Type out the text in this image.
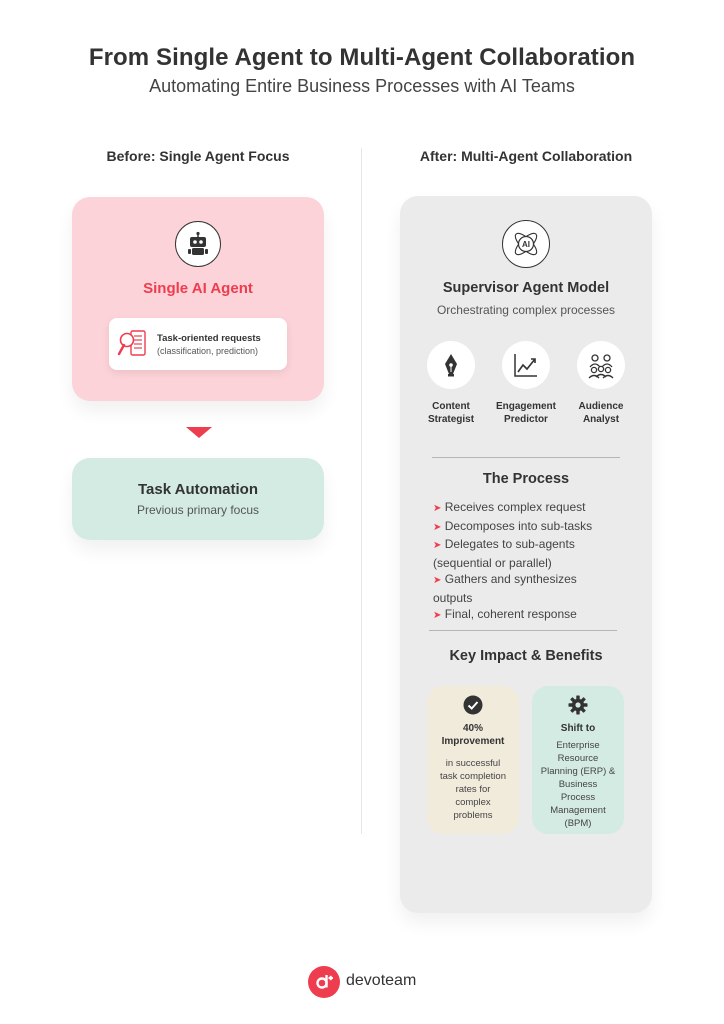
From Single Agent to Multi-Agent Collaboration
Automating Entire Business Processes with AI Teams
Before: Single Agent Focus	After: Multi-Agent Collaboration
Single AI Agent
Task-oriented requests
(classification, prediction)
Task Automation
Previous primary focus
AI
Supervisor Agent Model
Orchestrating complex processes
Content
Strategist
Engagement
Predictor
Audience
Analyst
The Process
➤ Receives complex request
➤ Decomposes into sub-tasks
➤ Delegates to sub-agents
(sequential or parallel)
➤ Gathers and synthesizes
outputs
➤ Final, coherent response
Key Impact & Benefits
40%
Improvement
in successful
task completion
rates for
complex
problems
Shift to
Enterprise
Resource
Planning (ERP) &
Business
Process
Management
(BPM)
devoteam
